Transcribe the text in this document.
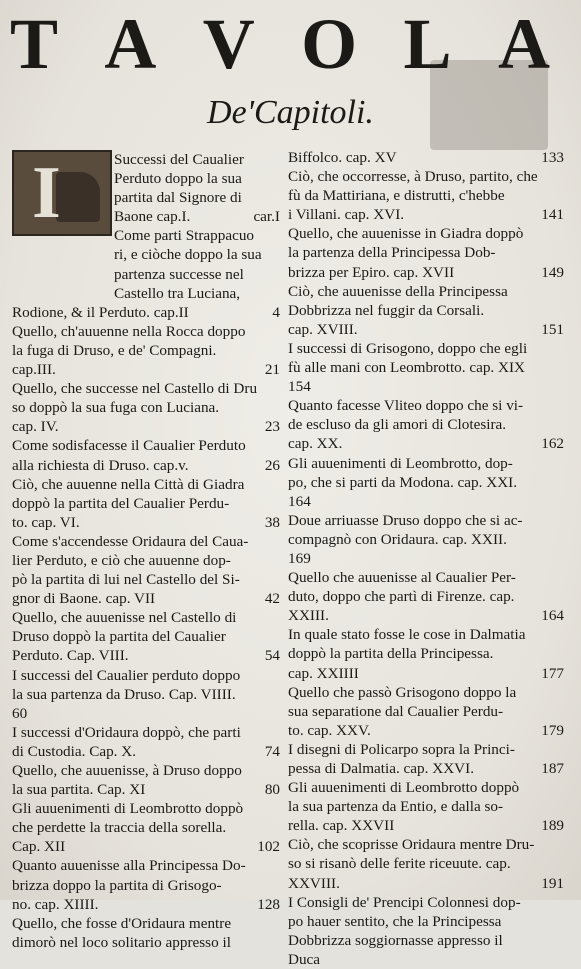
T A V O L A
De'Capitoli.
I	Successi del Caualier
Perduto doppo la sua
partita dal Signore di
Baone cap.I.	car.I
Come parti Strappacuo
ri, e ciòche doppo la sua
partenza successe nel
Castello tra Luciana,
Rodione, & il Perduto. cap.II	4
Quello, ch'auuenne nella Rocca doppo
la fuga di Druso, e de' Compagni.
cap.III.	21
Quello, che successe nel Castello di Dru
so doppò la sua fuga con Luciana.
cap. IV.	23
Come sodisfacesse il Caualier Perduto
alla richiesta di Druso. cap.v.	26
Ciò, che auuenne nella Città di Giadra
doppò la partita del Caualier Perdu-
to. cap. VI.	38
Come s'accendesse Oridaura del Caua-
lier Perduto, e ciò che auuenne dop-
pò la partita di lui nel Castello del Si-
gnor di Baone. cap. VII	42
Quello, che auuenisse nel Castello di
Druso doppò la partita del Caualier
Perduto. Cap. VIII.	54
I successi del Caualier perduto doppo
la sua partenza da Druso. Cap. VIIII.
60
I successi d'Oridaura doppò, che parti
di Custodia. Cap. X.	74
Quello, che auuenisse, à Druso doppo
la sua partita. Cap. XI	80
Gli auuenimenti di Leombrotto doppò
che perdette la traccia della sorella.
Cap. XII	102
Quanto auuenisse alla Principessa Do-
brizza doppo la partita di Grisogo-
no. cap. XIIII.	128
Quello, che fosse d'Oridaura mentre
dimorò nel loco solitario appresso il
Biffolco. cap. XV	133
Ciò, che occorresse, à Druso, partito, che
fù da Mattiriana, e distrutti, c'hebbe
i Villani. cap. XVI.	141
Quello, che auuenisse in Giadra doppò
la partenza della Principessa Dob-
brizza per Epiro. cap. XVII	149
Ciò, che auuenisse della Principessa
Dobbrizza nel fuggir da Corsali.
cap. XVIII.	151
I successi di Grisogono, doppo che egli
fù alle mani con Leombrotto. cap. XIX
154
Quanto facesse Vliteo doppo che si vi-
de escluso da gli amori di Clotesira.
cap. XX.	162
Gli auuenimenti di Leombrotto, dop-
po, che si parti da Modona. cap. XXI.
164
Doue arriuasse Druso doppo che si ac-
compagnò con Oridaura. cap. XXII.
169
Quello che auuenisse al Caualier Per-
duto, doppo che partì di Firenze. cap.
XXIII.	164
In quale stato fosse le cose in Dalmatia
doppò la partita della Principessa.
cap. XXIIII	177
Quello che passò Grisogono doppo la
sua separatione dal Caualier Perdu-
to. cap. XXV.	179
I disegni di Policarpo sopra la Princi-
pessa di Dalmatia. cap. XXVI.	187
Gli auuenimenti di Leombrotto doppò
la sua partenza da Entio, e dalla so-
rella. cap. XXVII	189
Ciò, che scoprisse Oridaura mentre Dru-
so si risanò delle ferite riceuute. cap.
XXVIII.	191
I Consigli de' Prencipi Colonnesi dop-
po hauer sentito, che la Principessa
Dobbrizza soggiornasse appresso il
Duca
